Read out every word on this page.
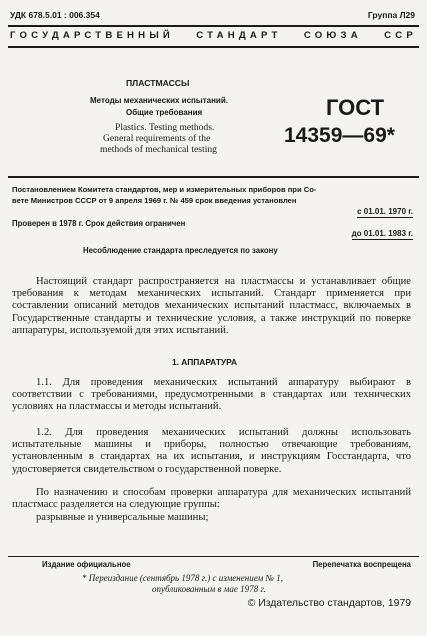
УДК 678.5.01 : 006.354	Группа Л29
ГОСУДАРСТВЕННЫЙ СТАНДАРТ СОЮЗА ССР
ПЛАСТМАССЫ
Методы механических испытаний.
Общие требования
Plastics. Testing methods.
General requirements of the
methods of mechanical testing
ГОСТ
14359—69*
Постановлением Комитета стандартов, мер и измерительных приборов при Со-
вете Министров СССР от 9 апреля 1969 г. № 459 срок введения установлен
с 01.01. 1970 г.
Проверен в 1978 г. Срок действия ограничен
до 01.01. 1983 г.
Несоблюдение стандарта преследуется по закону
Настоящий стандарт распространяется на пластмассы и устанавливает общие требования к методам механических испытаний. Стандарт применяется при составлении описаний методов механических испытаний пластмасс, включаемых в Государственные стандарты и технические условия, а также инструкций по поверке аппаратуры, используемой для этих испытаний.
1. АППАРАТУРА
1.1. Для проведения механических испытаний аппаратуру выбирают в соответствии с требованиями, предусмотренными в стандартах или технических условиях на пластмассы и методы испытаний.
1.2. Для проведения механических испытаний должны использовать испытательные машины и приборы, полностью отвечающие требованиям, установленным в стандартах на их испытания, и инструкциям Госстандарта, что удостоверяется свидетельством о государственной поверке.
По назначению и способам проверки аппаратура для механических испытаний пластмасс разделяется на следующие группы:
разрывные и универсальные машины;
Издание официальное	Перепечатка воспрещена
* Переиздание (сентябрь 1978 г.) с изменением № 1,
опубликованным в мае 1978 г.
© Издательство стандартов, 1979
